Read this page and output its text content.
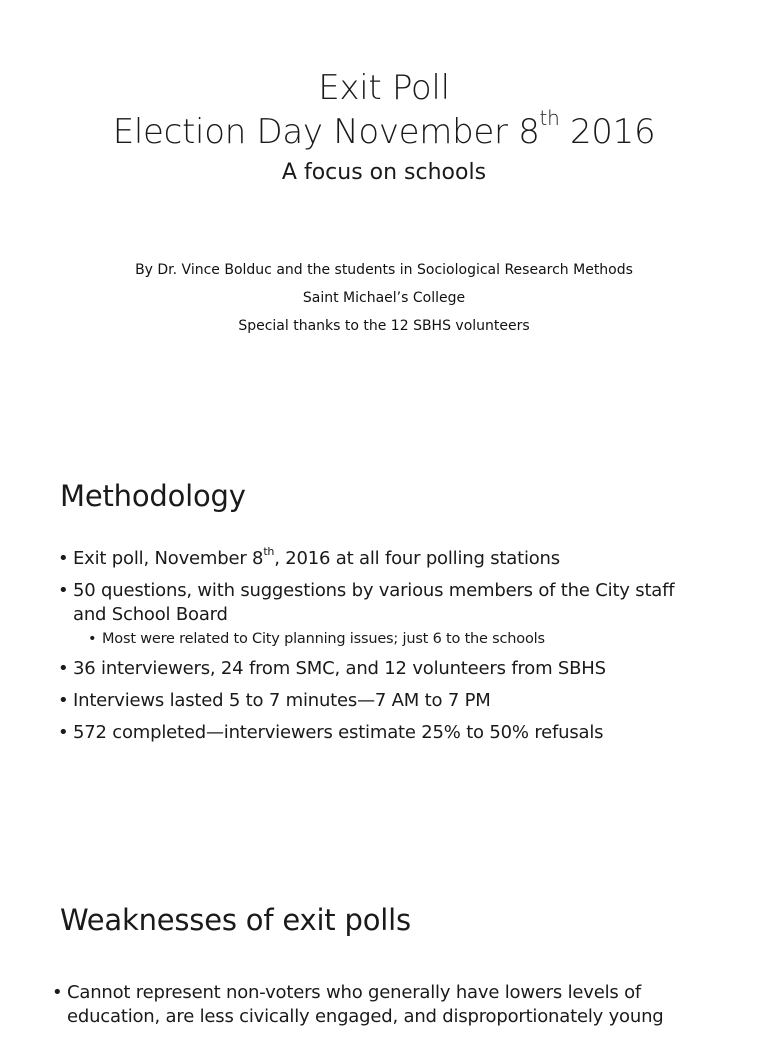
Exit Poll
Election Day November 8th 2016
A focus on schools
By Dr. Vince Bolduc and the students in Sociological Research Methods
Saint Michael’s College
Special thanks to the 12 SBHS volunteers
Methodology
• Exit poll, November 8th, 2016 at all four polling stations
• 50 questions, with suggestions by various members of the City staff and School Board
• Most were related to City planning issues; just 6 to the schools
• 36 interviewers, 24 from SMC, and 12 volunteers from SBHS
• Interviews lasted 5 to 7 minutes—7 AM to 7 PM
• 572 completed—interviewers estimate 25% to 50% refusals
Weaknesses of exit polls
• Cannot represent non-voters who generally have lowers levels of education, are less civically engaged, and disproportionately young
